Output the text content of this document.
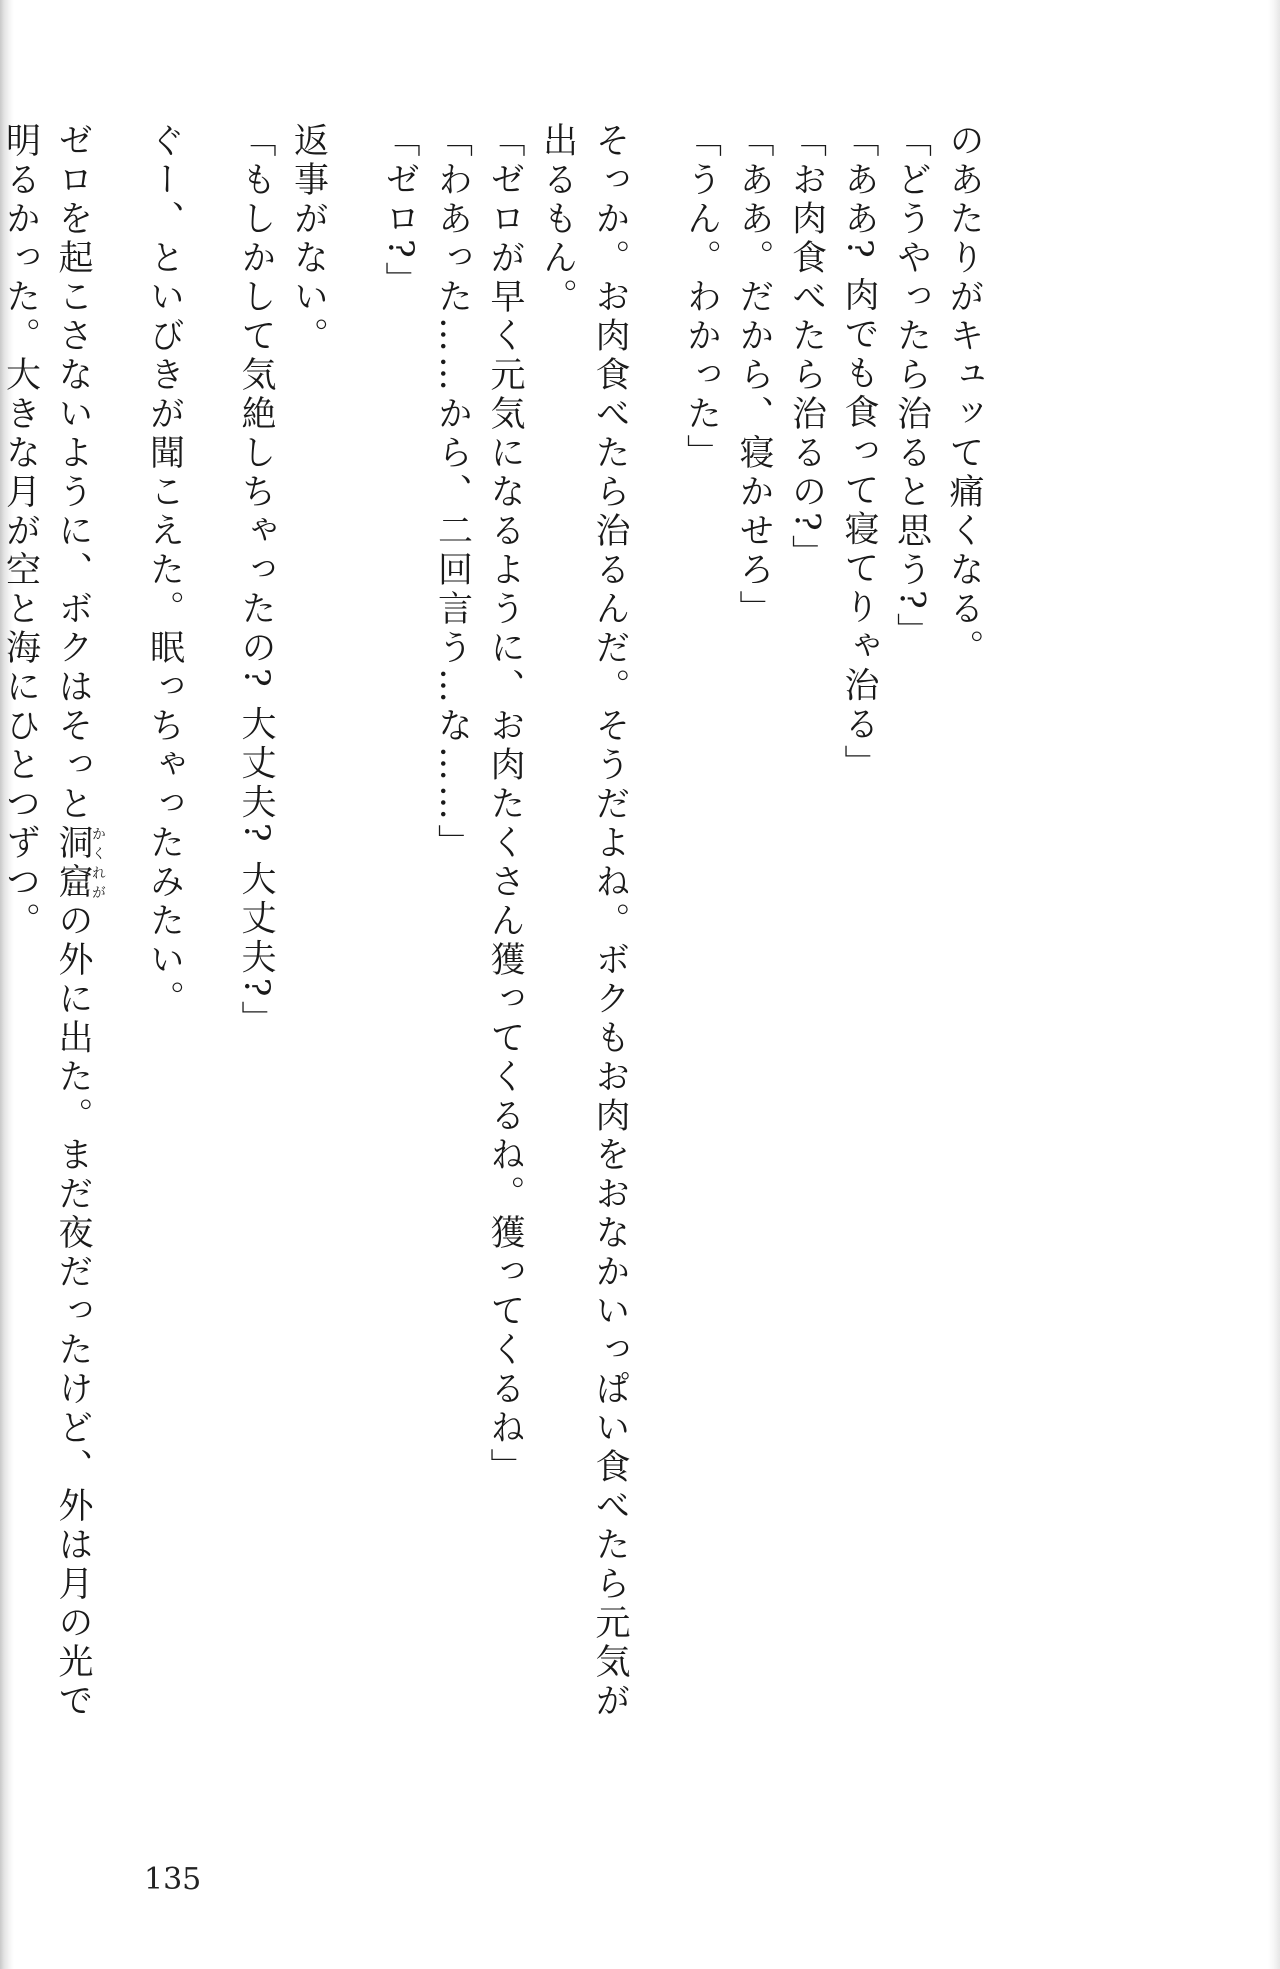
のあたりがキュッて痛くなる。

「どうやったら治ると思う?」

「ああ? 肉でも食って寝てりゃ治る」

「お肉食べたら治るの?」

「ああ。だから、寝かせろ」

「うん。わかった」

そっか。お肉食べたら治るんだ。そうだよね。ボクもお肉をおなかいっぱい食べたら元気が

出るもん。

「ゼロが早く元気になるように、お肉たくさん獲ってくるね。獲ってくるね」

「わあった……から、二回言う…な……」

「ゼロ?」

返事がない。

「もしかして気絶しちゃったの? 大丈夫? 大丈夫?」

ぐー、といびきが聞こえた。眠っちゃったみたい。

ゼロを起こさないように、ボクはそっと洞窟かくれがの外に出た。まだ夜だったけど、外は月の光で

明るかった。大きな月が空と海にひとつずつ。

135
